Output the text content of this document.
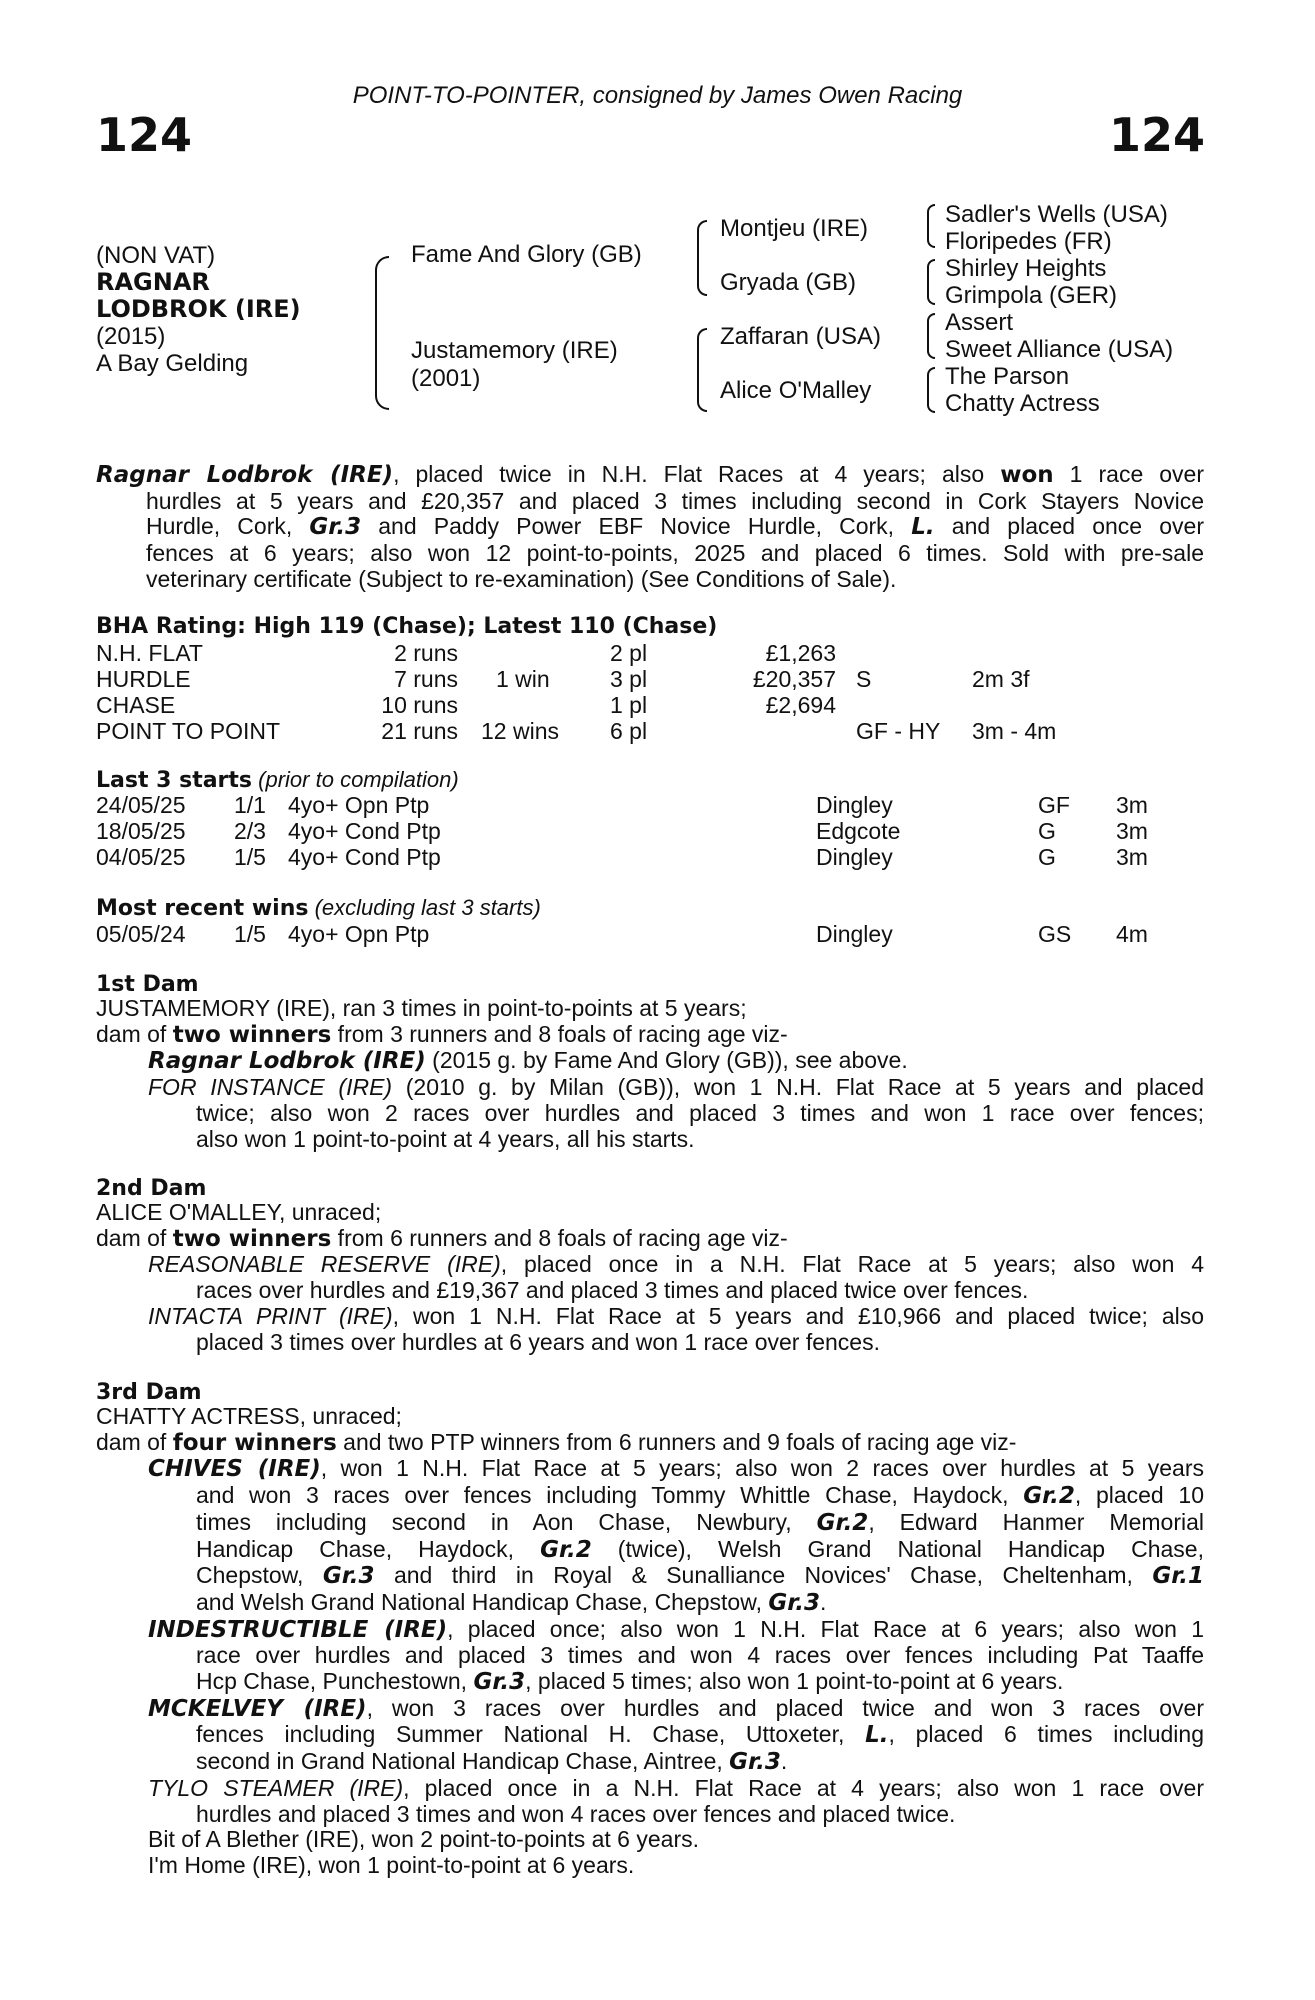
POINT-TO-POINTER, consigned by James Owen Racing
124	124
(NON VAT)
RAGNAR
LODBROK (IRE)
(2015)
A Bay Gelding
Fame And Glory (GB)
Justamemory (IRE)
(2001)
Montjeu (IRE)
Gryada (GB)
Zaffaran (USA)
Alice O'Malley
Sadler's Wells (USA)
Floripedes (FR)
Shirley Heights
Grimpola (GER)
Assert
Sweet Alliance (USA)
The Parson
Chatty Actress
Ragnar Lodbrok (IRE), placed twice in N.H. Flat Races at 4 years; also won 1 race over
hurdles at 5 years and £20,357 and placed 3 times including second in Cork Stayers Novice
Hurdle, Cork, Gr.3 and Paddy Power EBF Novice Hurdle, Cork, L. and placed once over
fences at 6 years; also won 12 point-to-points, 2025 and placed 6 times. Sold with pre-sale
veterinary certificate (Subject to re-examination) (See Conditions of Sale).
BHA Rating: High 119 (Chase); Latest 110 (Chase)
N.H. FLAT	2 runs	2 pl	£1,263
HURDLE	7 runs 1 win	3 pl	£20,357 S	2m 3f
CHASE	10 runs	1 pl	£2,694
POINT TO POINT	21 runs 12 wins 6 pl	GF - HY 3m - 4m
Last 3 starts (prior to compilation)
24/05/25 1/1 4yo+ Opn Ptp	Dingley	GF 3m
18/05/25 2/3 4yo+ Cond Ptp	Edgcote	G	3m
04/05/25 1/5 4yo+ Cond Ptp	Dingley	G	3m
Most recent wins (excluding last 3 starts)
05/05/24 1/5 4yo+ Opn Ptp	Dingley	GS 4m
1st Dam
JUSTAMEMORY (IRE), ran 3 times in point-to-points at 5 years;
dam of two winners from 3 runners and 8 foals of racing age viz-
Ragnar Lodbrok (IRE) (2015 g. by Fame And Glory (GB)), see above.
FOR INSTANCE (IRE) (2010 g. by Milan (GB)), won 1 N.H. Flat Race at 5 years and placed
twice; also won 2 races over hurdles and placed 3 times and won 1 race over fences;
also won 1 point-to-point at 4 years, all his starts.
2nd Dam
ALICE O'MALLEY, unraced;
dam of two winners from 6 runners and 8 foals of racing age viz-
REASONABLE RESERVE (IRE), placed once in a N.H. Flat Race at 5 years; also won 4
races over hurdles and £19,367 and placed 3 times and placed twice over fences.
INTACTA PRINT (IRE), won 1 N.H. Flat Race at 5 years and £10,966 and placed twice; also
placed 3 times over hurdles at 6 years and won 1 race over fences.
3rd Dam
CHATTY ACTRESS, unraced;
dam of four winners and two PTP winners from 6 runners and 9 foals of racing age viz-
CHIVES (IRE), won 1 N.H. Flat Race at 5 years; also won 2 races over hurdles at 5 years
and won 3 races over fences including Tommy Whittle Chase, Haydock, Gr.2, placed 10
times including second in Aon Chase, Newbury, Gr.2, Edward Hanmer Memorial
Handicap Chase, Haydock, Gr.2 (twice), Welsh Grand National Handicap Chase,
Chepstow, Gr.3 and third in Royal & Sunalliance Novices' Chase, Cheltenham, Gr.1
and Welsh Grand National Handicap Chase, Chepstow, Gr.3.
INDESTRUCTIBLE (IRE), placed once; also won 1 N.H. Flat Race at 6 years; also won 1
race over hurdles and placed 3 times and won 4 races over fences including Pat Taaffe
Hcp Chase, Punchestown, Gr.3, placed 5 times; also won 1 point-to-point at 6 years.
MCKELVEY (IRE), won 3 races over hurdles and placed twice and won 3 races over
fences including Summer National H. Chase, Uttoxeter, L., placed 6 times including
second in Grand National Handicap Chase, Aintree, Gr.3.
TYLO STEAMER (IRE), placed once in a N.H. Flat Race at 4 years; also won 1 race over
hurdles and placed 3 times and won 4 races over fences and placed twice.
Bit of A Blether (IRE), won 2 point-to-points at 6 years.
I'm Home (IRE), won 1 point-to-point at 6 years.
